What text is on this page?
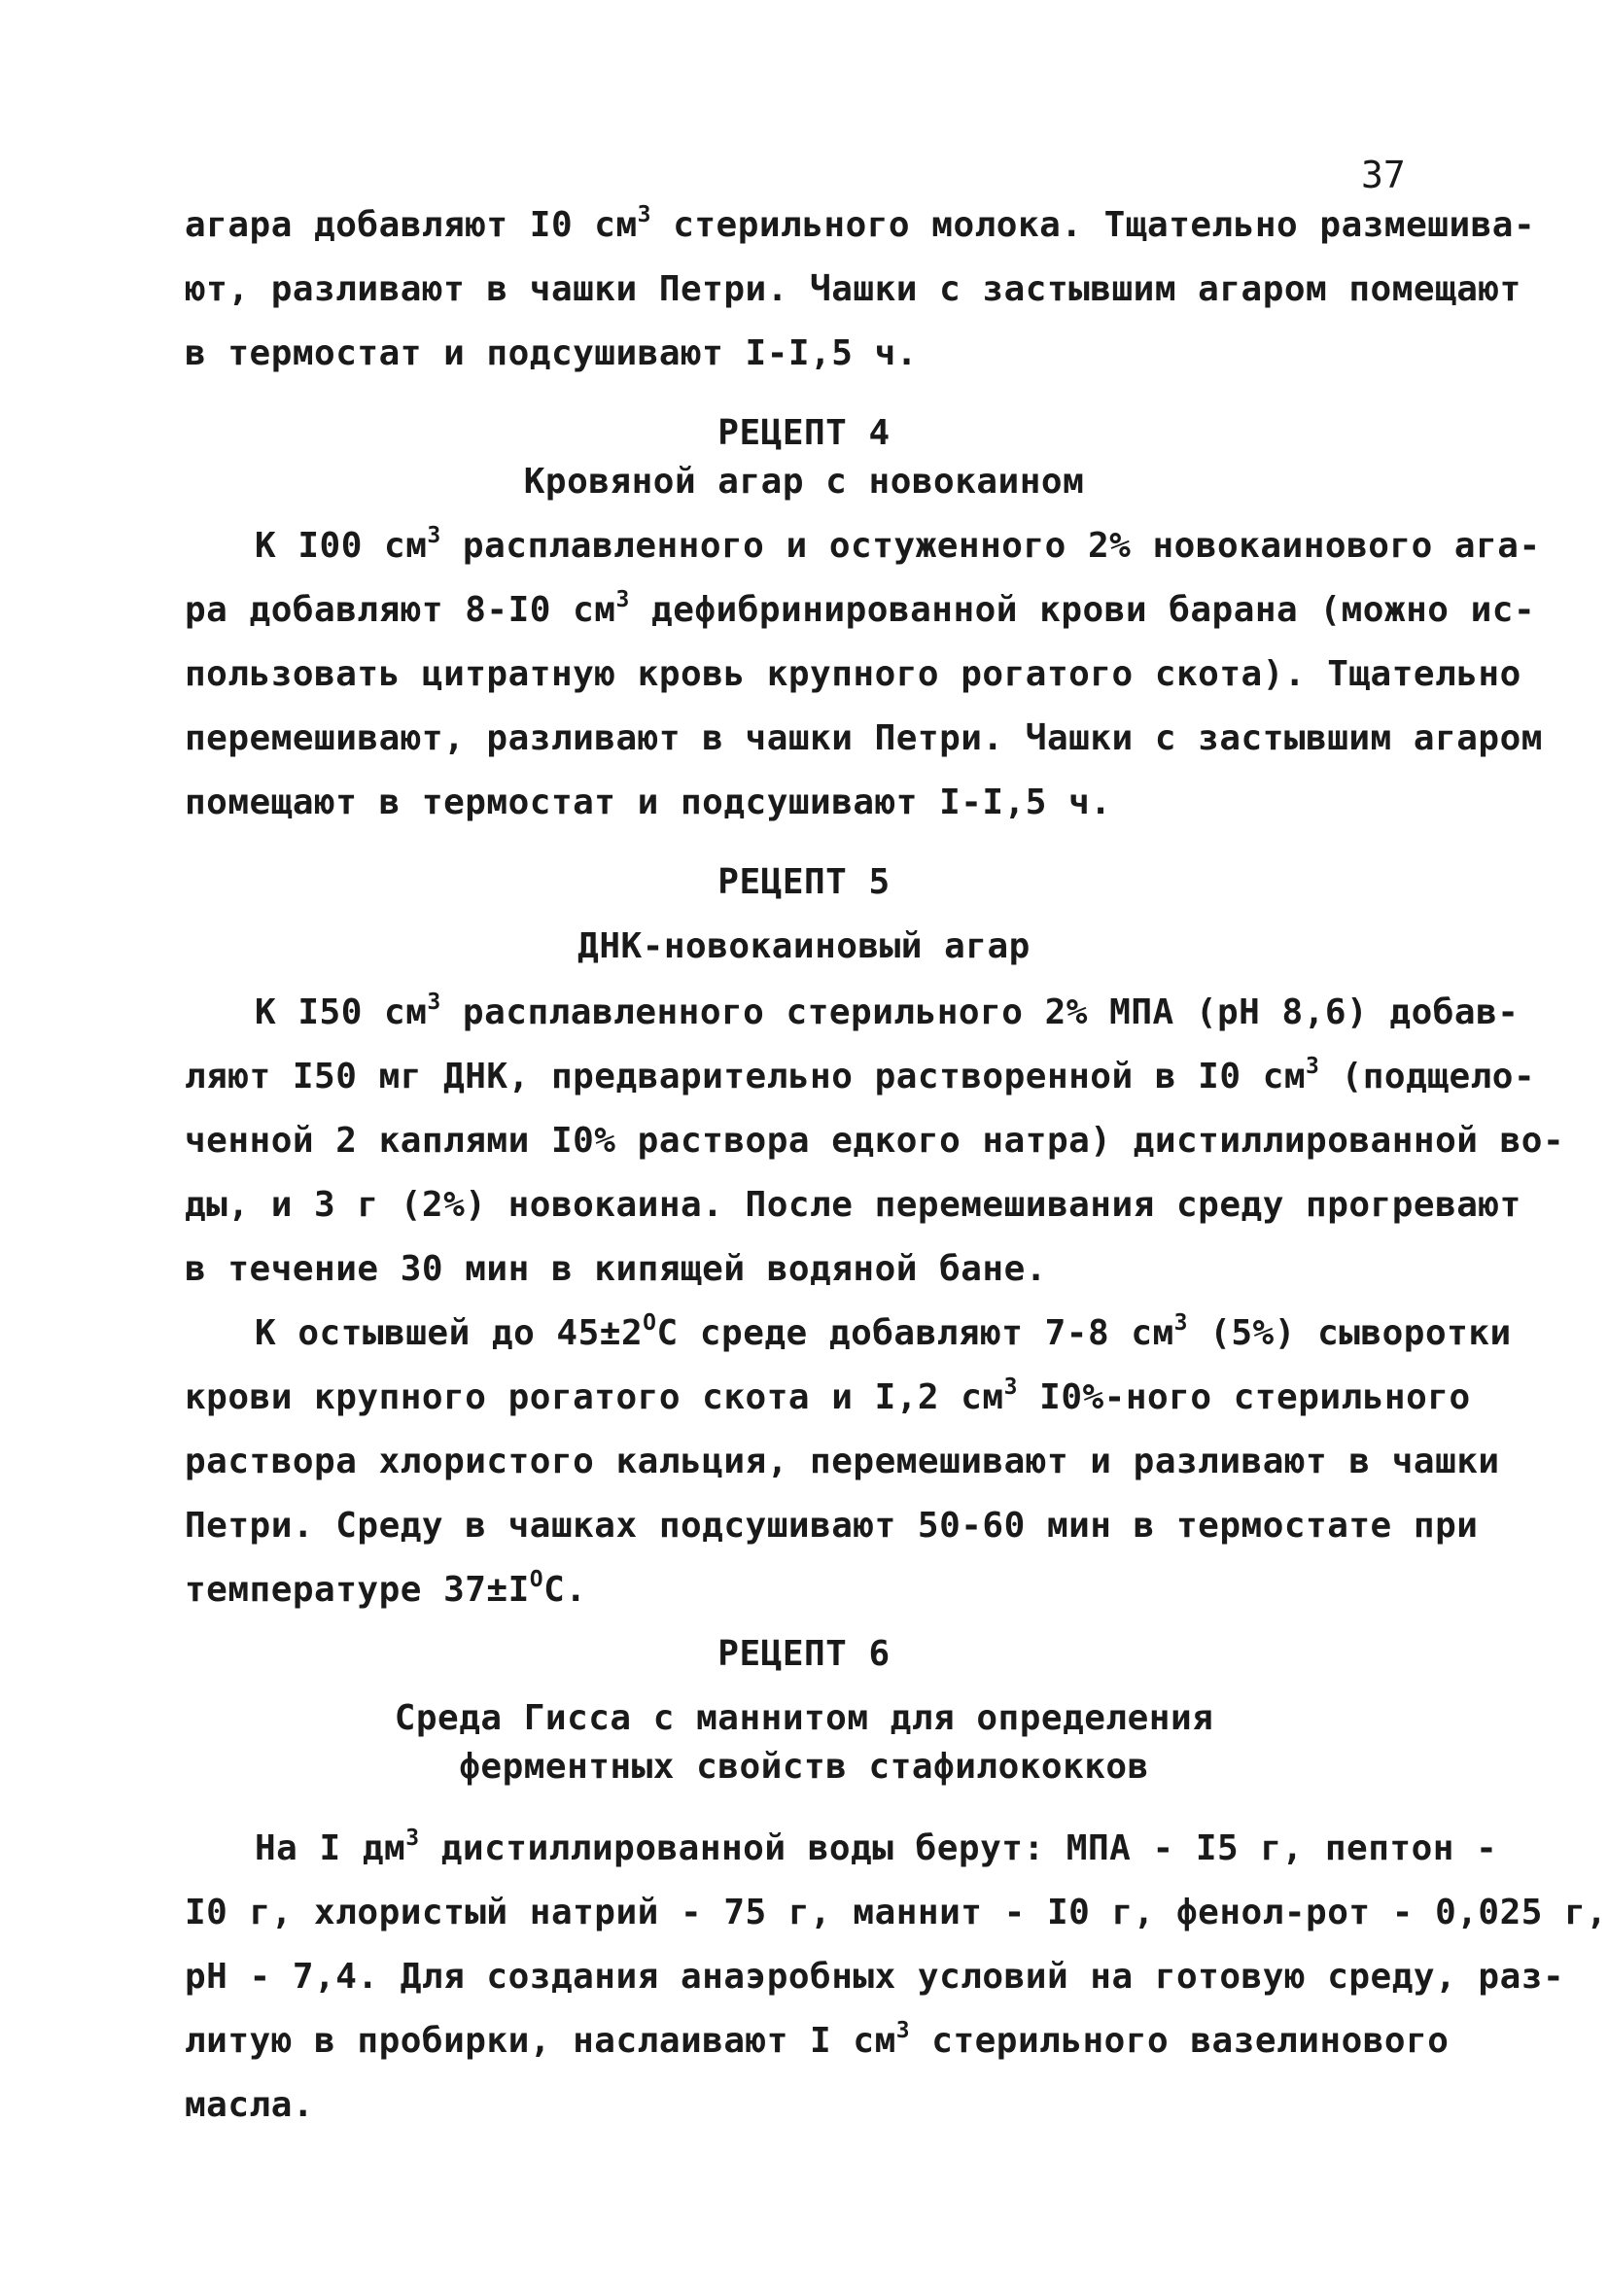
37
агара добавляют I0 $см^3$ стерильного молока. Тщательно размешива-
ют, разливают в чашки Петри. Чашки с застывшим агаром помещают
в термостат и подсушивают I-I,5 ч.
РЕЦЕПТ 4
Кровяной агар с новокаином
К I00 $см^3$ расплавленного и остуженного 2% новокаинового ага-
ра добавляют 8-I0 $см^3$ дефибринированной крови барана (можно ис-
пользовать цитратную кровь крупного рогатого скота). Тщательно
перемешивают, разливают в чашки Петри. Чашки с застывшим агаром
помещают в термостат и подсушивают I-I,5 ч.
РЕЦЕПТ 5
ДНК-новокаиновый агар
К I50 $см^3$ расплавленного стерильного 2% МПА (рН 8,6) добав-
ляют I50 мг ДНК, предварительно растворенной в I0 $см^3$ (подщело-
ченной 2 каплями I0% раствора едкого натра) дистиллированной во-
ды, и 3 г (2%) новокаина. После перемешивания среду прогревают
в течение 30 мин в кипящей водяной бане.
К остывшей до $45\pm 2^ОС$ среде добавляют 7-8 $см^3$ (5%) сыворотки
крови крупного рогатого скота и I,2 $см^3$ I0%-ного стерильного
раствора хлористого кальция, перемешивают и разливают в чашки
Петри. Среду в чашках подсушивают 50-60 мин в термостате при
температуре $37\pm I^ОС$.
РЕЦЕПТ 6
Среда Гисса с маннитом для определения
ферментных свойств стафилококков
На I $дм^3$ дистиллированной воды берут: МПА - I5 г, пептон -
I0 г, хлористый натрий - 75 г, маннит - I0 г, фенол-рот - 0,025 г,
рН - 7,4. Для создания анаэробных условий на готовую среду, раз-
литую в пробирки, наслаивают I $см^3$ стерильного вазелинового
масла.
